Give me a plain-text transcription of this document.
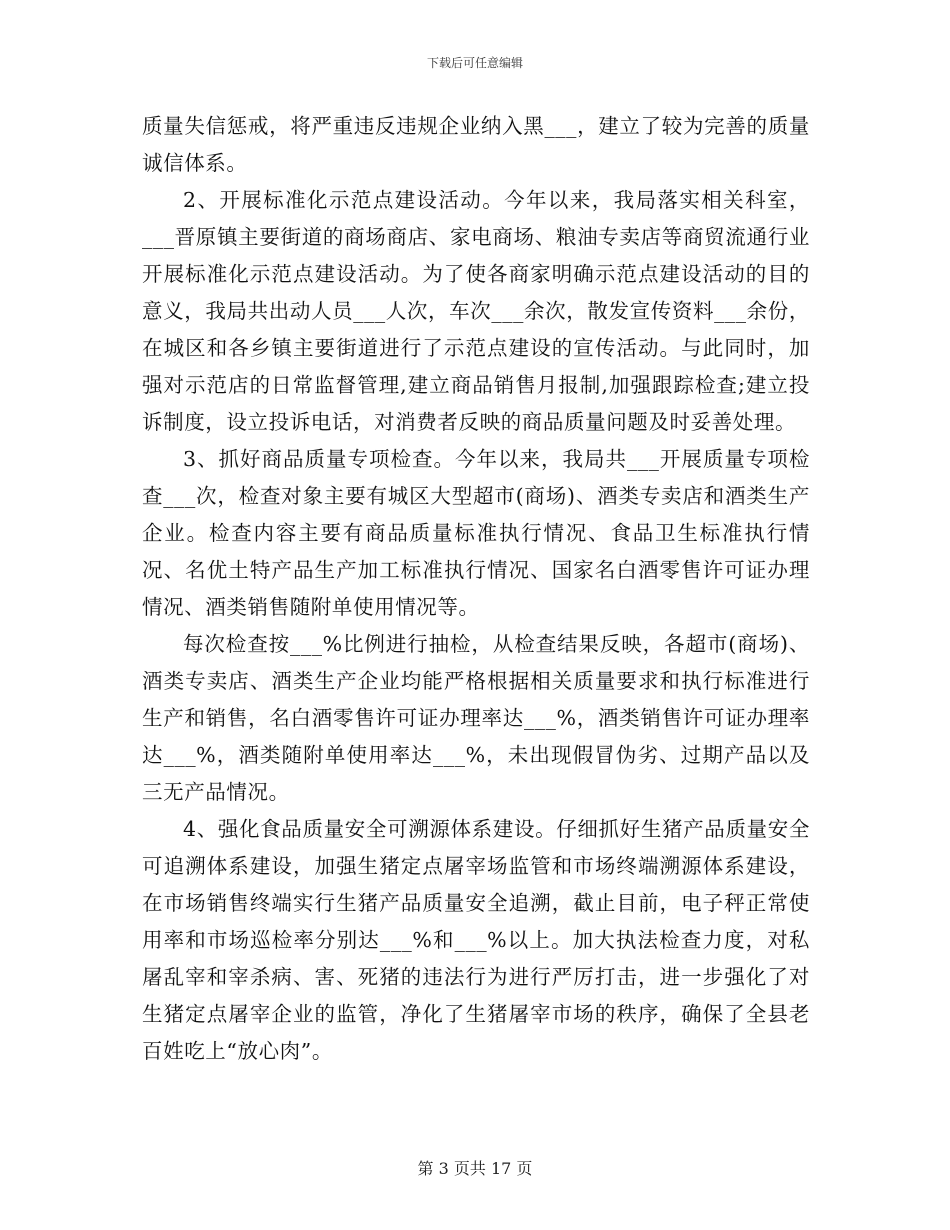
下载后可任意编辑

质量失信惩戒，将严重违反违规企业纳入黑___，建立了较为完善的质量诚信体系。

2、开展标准化示范点建设活动。今年以来，我局落实相关科室，___晋原镇主要街道的商场商店、家电商场、粮油专卖店等商贸流通行业开展标准化示范点建设活动。为了使各商家明确示范点建设活动的目的意义，我局共出动人员___人次，车次___余次，散发宣传资料___余份，在城区和各乡镇主要街道进行了示范点建设的宣传活动。与此同时，加强对示范店的日常监督管理,建立商品销售月报制,加强跟踪检查;建立投诉制度，设立投诉电话，对消费者反映的商品质量问题及时妥善处理。

3、抓好商品质量专项检查。今年以来，我局共___开展质量专项检查___次，检查对象主要有城区大型超市(商场)、酒类专卖店和酒类生产企业。检查内容主要有商品质量标准执行情况、食品卫生标准执行情况、名优土特产品生产加工标准执行情况、国家名白酒零售许可证办理情况、酒类销售随附单使用情况等。

每次检查按___%比例进行抽检，从检查结果反映，各超市(商场)、酒类专卖店、酒类生产企业均能严格根据相关质量要求和执行标准进行生产和销售，名白酒零售许可证办理率达___%，酒类销售许可证办理率达___%，酒类随附单使用率达___%，未出现假冒伪劣、过期产品以及三无产品情况。

4、强化食品质量安全可溯源体系建设。仔细抓好生猪产品质量安全可追溯体系建设，加强生猪定点屠宰场监管和市场终端溯源体系建设，在市场销售终端实行生猪产品质量安全追溯，截止目前，电子秤正常使用率和市场巡检率分别达___%和___%以上。加大执法检查力度，对私屠乱宰和宰杀病、害、死猪的违法行为进行严厉打击，进一步强化了对生猪定点屠宰企业的监管，净化了生猪屠宰市场的秩序，确保了全县老百姓吃上“放心肉”。

第 3 页共 17 页
